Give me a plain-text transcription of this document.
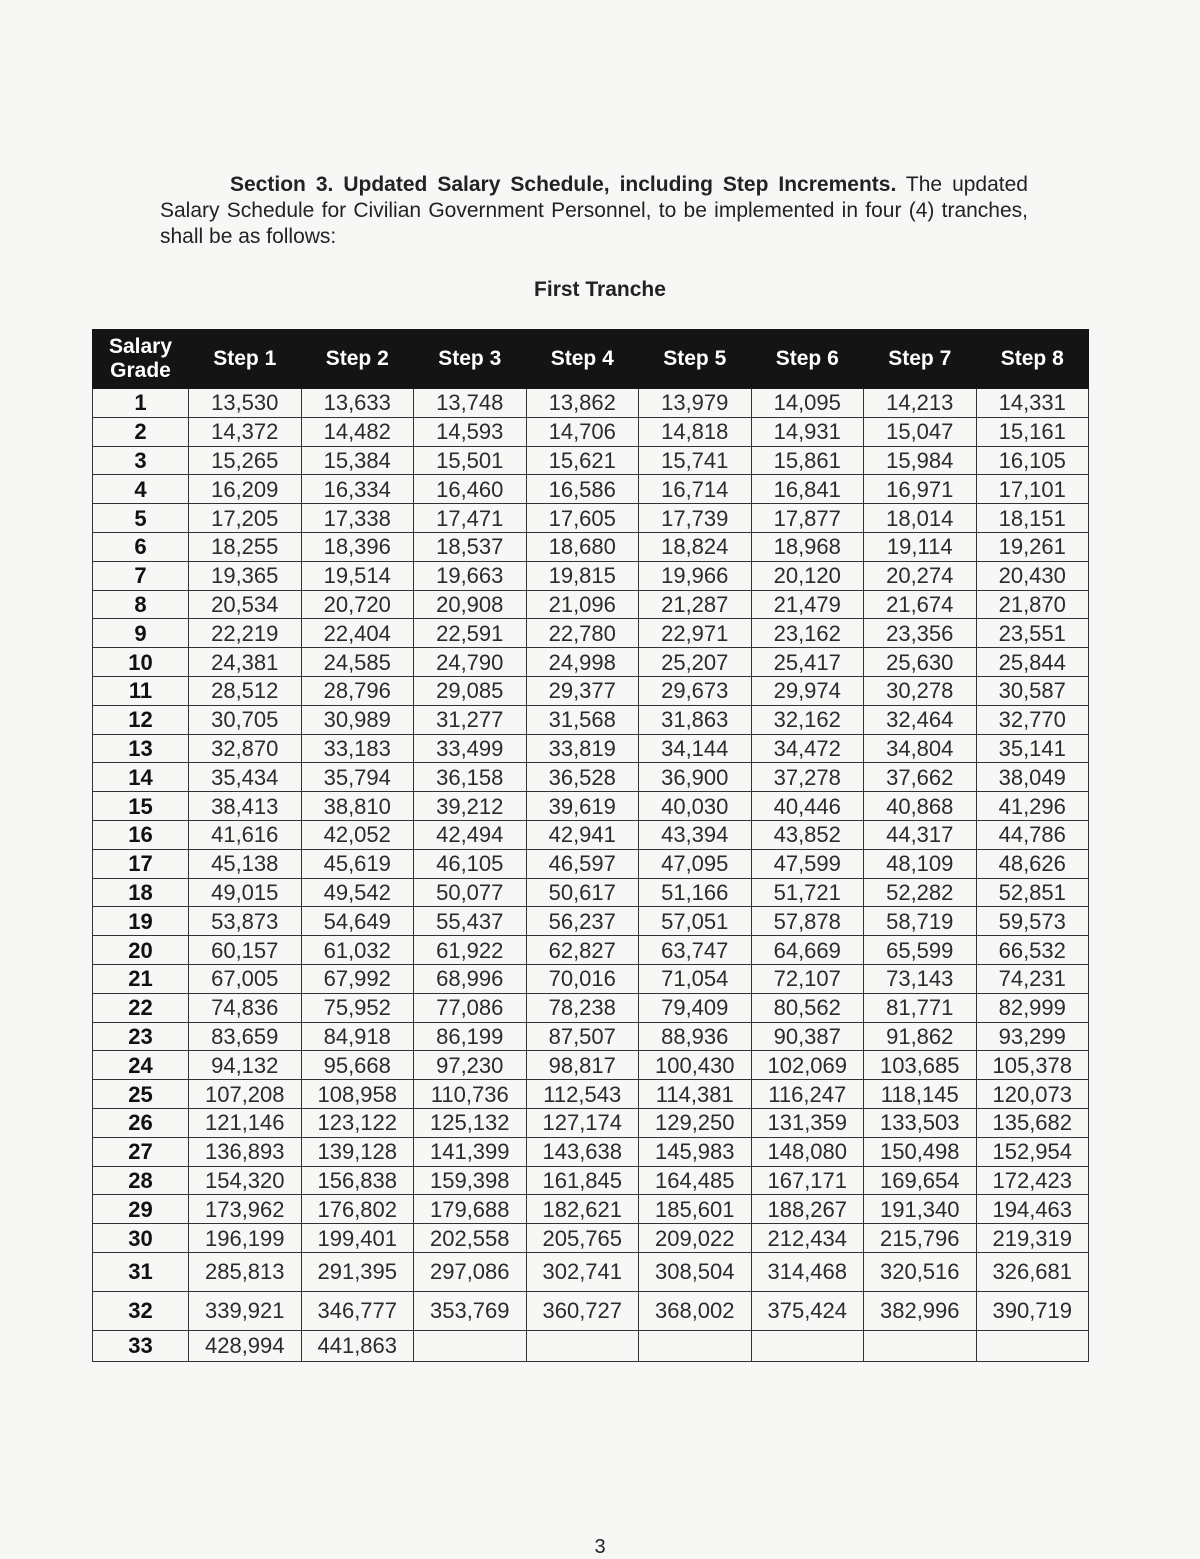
Section 3. Updated Salary Schedule, including Step Increments. The updated Salary Schedule for Civilian Government Personnel, to be implemented in four (4) tranches, shall be as follows:
First Tranche
Salary Grade	Step 1	Step 2	Step 3	Step 4	Step 5	Step 6	Step 7	Step 8
1	13,530	13,633	13,748	13,862	13,979	14,095	14,213	14,331
2	14,372	14,482	14,593	14,706	14,818	14,931	15,047	15,161
3	15,265	15,384	15,501	15,621	15,741	15,861	15,984	16,105
4	16,209	16,334	16,460	16,586	16,714	16,841	16,971	17,101
5	17,205	17,338	17,471	17,605	17,739	17,877	18,014	18,151
6	18,255	18,396	18,537	18,680	18,824	18,968	19,114	19,261
7	19,365	19,514	19,663	19,815	19,966	20,120	20,274	20,430
8	20,534	20,720	20,908	21,096	21,287	21,479	21,674	21,870
9	22,219	22,404	22,591	22,780	22,971	23,162	23,356	23,551
10	24,381	24,585	24,790	24,998	25,207	25,417	25,630	25,844
11	28,512	28,796	29,085	29,377	29,673	29,974	30,278	30,587
12	30,705	30,989	31,277	31,568	31,863	32,162	32,464	32,770
13	32,870	33,183	33,499	33,819	34,144	34,472	34,804	35,141
14	35,434	35,794	36,158	36,528	36,900	37,278	37,662	38,049
15	38,413	38,810	39,212	39,619	40,030	40,446	40,868	41,296
16	41,616	42,052	42,494	42,941	43,394	43,852	44,317	44,786
17	45,138	45,619	46,105	46,597	47,095	47,599	48,109	48,626
18	49,015	49,542	50,077	50,617	51,166	51,721	52,282	52,851
19	53,873	54,649	55,437	56,237	57,051	57,878	58,719	59,573
20	60,157	61,032	61,922	62,827	63,747	64,669	65,599	66,532
21	67,005	67,992	68,996	70,016	71,054	72,107	73,143	74,231
22	74,836	75,952	77,086	78,238	79,409	80,562	81,771	82,999
23	83,659	84,918	86,199	87,507	88,936	90,387	91,862	93,299
24	94,132	95,668	97,230	98,817	100,430	102,069	103,685	105,378
25	107,208	108,958	110,736	112,543	114,381	116,247	118,145	120,073
26	121,146	123,122	125,132	127,174	129,250	131,359	133,503	135,682
27	136,893	139,128	141,399	143,638	145,983	148,080	150,498	152,954
28	154,320	156,838	159,398	161,845	164,485	167,171	169,654	172,423
29	173,962	176,802	179,688	182,621	185,601	188,267	191,340	194,463
30	196,199	199,401	202,558	205,765	209,022	212,434	215,796	219,319
31	285,813	291,395	297,086	302,741	308,504	314,468	320,516	326,681
32	339,921	346,777	353,769	360,727	368,002	375,424	382,996	390,719
33	428,994	441,863						
3
